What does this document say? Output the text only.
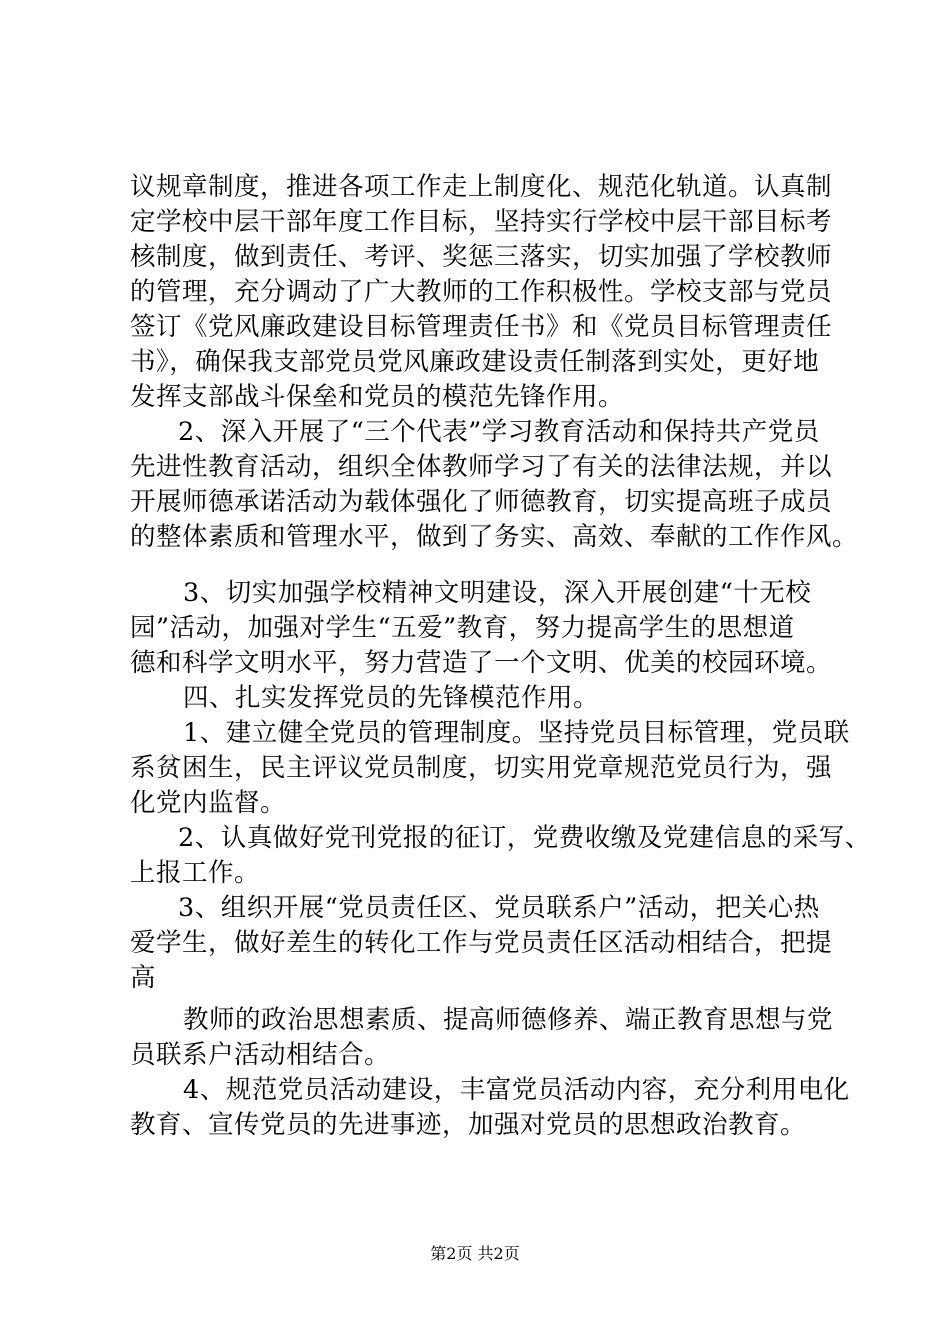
议规章制度，推进各项工作走上制度化、规范化轨道。认真制
定学校中层干部年度工作目标，坚持实行学校中层干部目标考
核制度，做到责任、考评、奖惩三落实，切实加强了学校教师
的管理，充分调动了广大教师的工作积极性。学校支部与党员
签订《党风廉政建设目标管理责任书》和《党员目标管理责任
书》，确保我支部党员党风廉政建设责任制落到实处，更好地
发挥支部战斗保垒和党员的模范先锋作用。
2、深入开展了“三个代表”学习教育活动和保持共产党员
先进性教育活动，组织全体教师学习了有关的法律法规，并以
开展师德承诺活动为载体强化了师德教育，切实提高班子成员
的整体素质和管理水平，做到了务实、高效、奉献的工作作风。
3、切实加强学校精神文明建设，深入开展创建“十无校
园”活动，加强对学生“五爱”教育，努力提高学生的思想道
德和科学文明水平，努力营造了一个文明、优美的校园环境。
四、扎实发挥党员的先锋模范作用。
1、建立健全党员的管理制度。坚持党员目标管理，党员联
系贫困生，民主评议党员制度，切实用党章规范党员行为，强
化党内监督。
2、认真做好党刊党报的征订，党费收缴及党建信息的采写、
上报工作。
3、组织开展“党员责任区、党员联系户”活动，把关心热
爱学生，做好差生的转化工作与党员责任区活动相结合，把提
高
教师的政治思想素质、提高师德修养、端正教育思想与党
员联系户活动相结合。
4、规范党员活动建设，丰富党员活动内容，充分利用电化
教育、宣传党员的先进事迹，加强对党员的思想政治教育。
第2页 共2页
